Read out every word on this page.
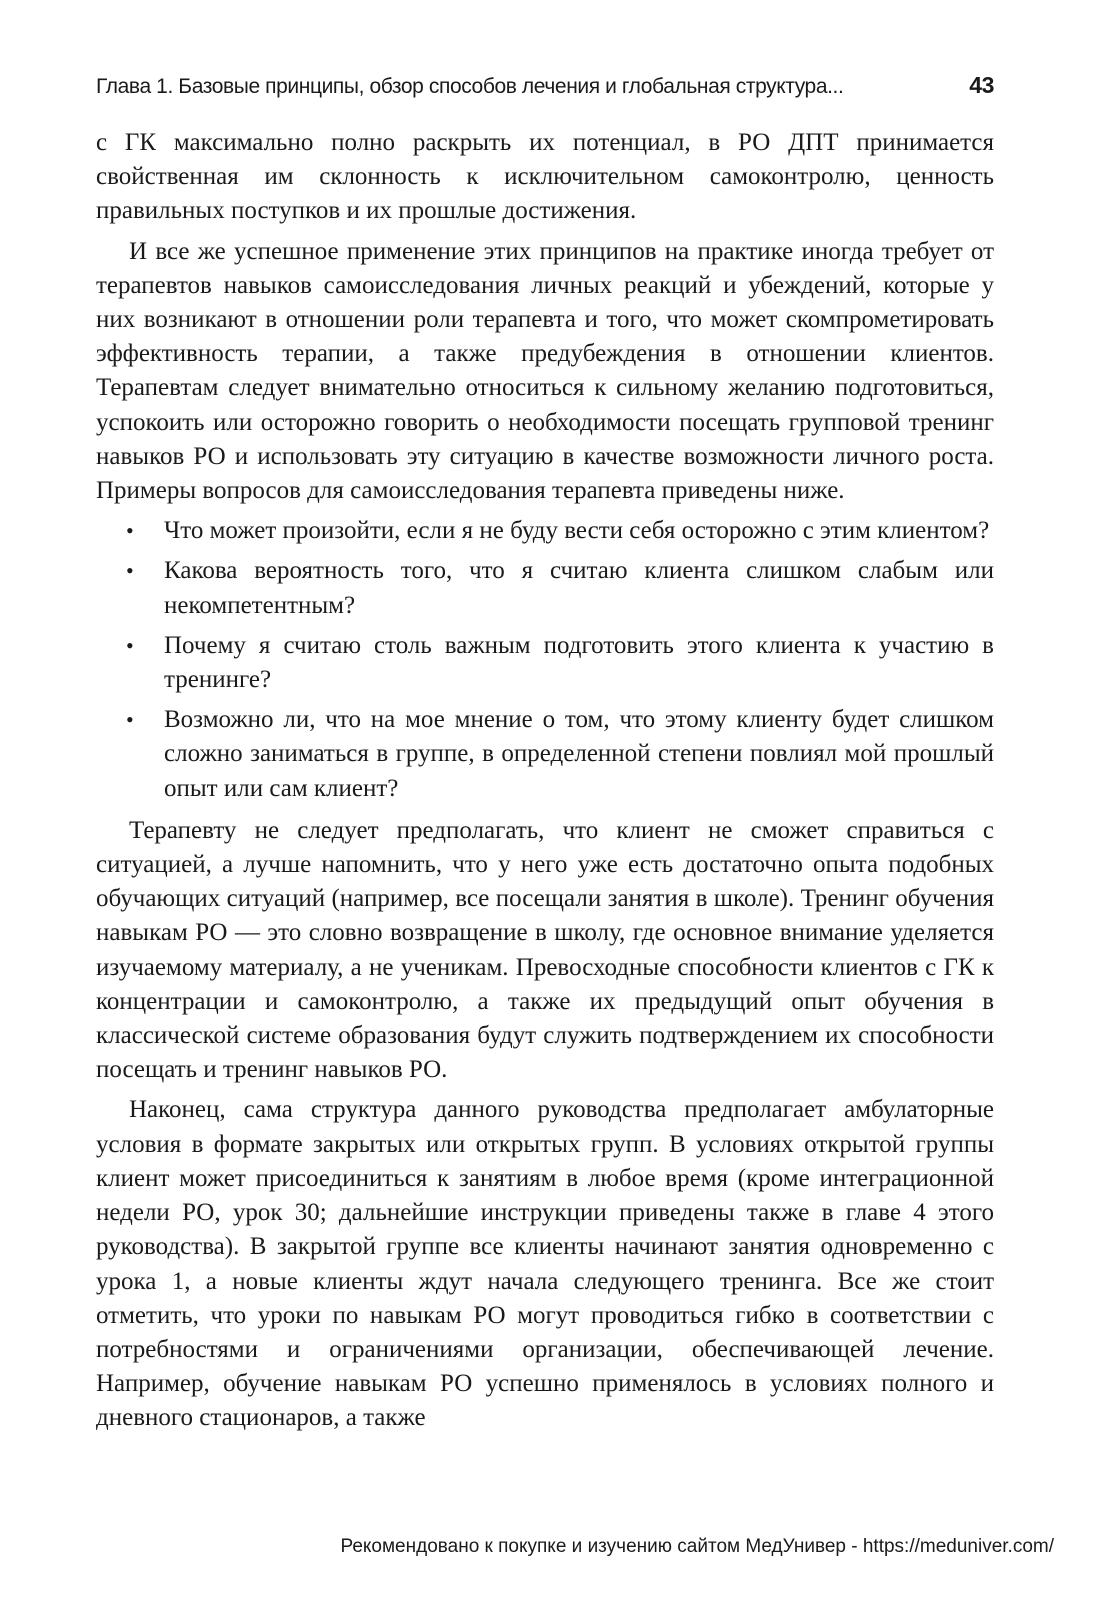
Глава 1. Базовые принципы, обзор способов лечения и глобальная структура...	43

с ГК максимально полно раскрыть их потенциал, в РО ДПТ принимается свойственная им склонность к исключительном самоконтролю, ценность правильных поступков и их прошлые достижения.

И все же успешное применение этих принципов на практике иногда требует от терапевтов навыков самоисследования личных реакций и убеждений, которые у них возникают в отношении роли терапевта и того, что может скомпрометировать эффективность терапии, а также предубеждения в отношении клиентов. Терапевтам следует внимательно относиться к сильному желанию подготовиться, успокоить или осторожно говорить о необходимости посещать групповой тренинг навыков РО и использовать эту ситуацию в качестве возможности личного роста. Примеры вопросов для самоисследования терапевта приведены ниже.

• Что может произойти, если я не буду вести себя осторожно с этим клиентом?
• Какова вероятность того, что я считаю клиента слишком слабым или некомпетентным?
• Почему я считаю столь важным подготовить этого клиента к участию в тренинге?
• Возможно ли, что на мое мнение о том, что этому клиенту будет слишком сложно заниматься в группе, в определенной степени повлиял мой прошлый опыт или сам клиент?

Терапевту не следует предполагать, что клиент не сможет справиться с ситуацией, а лучше напомнить, что у него уже есть достаточно опыта подобных обучающих ситуаций (например, все посещали занятия в школе). Тренинг обучения навыкам РО — это словно возвращение в школу, где основное внимание уделяется изучаемому материалу, а не ученикам. Превосходные способности клиентов с ГК к концентрации и самоконтролю, а также их предыдущий опыт обучения в классической системе образования будут служить подтверждением их способности посещать и тренинг навыков РО.

Наконец, сама структура данного руководства предполагает амбулаторные условия в формате закрытых или открытых групп. В условиях открытой группы клиент может присоединиться к занятиям в любое время (кроме интеграционной недели РО, урок 30; дальнейшие инструкции приведены также в главе 4 этого руководства). В закрытой группе все клиенты начинают занятия одновременно с урока 1, а новые клиенты ждут начала следующего тренинга. Все же стоит отметить, что уроки по навыкам РО могут проводиться гибко в соответствии с потребностями и ограничениями организации, обеспечивающей лечение. Например, обучение навыкам РО успешно применялось в условиях полного и дневного стационаров, а также

Рекомендовано к покупке и изучению сайтом МедУнивер - https://meduniver.com/
